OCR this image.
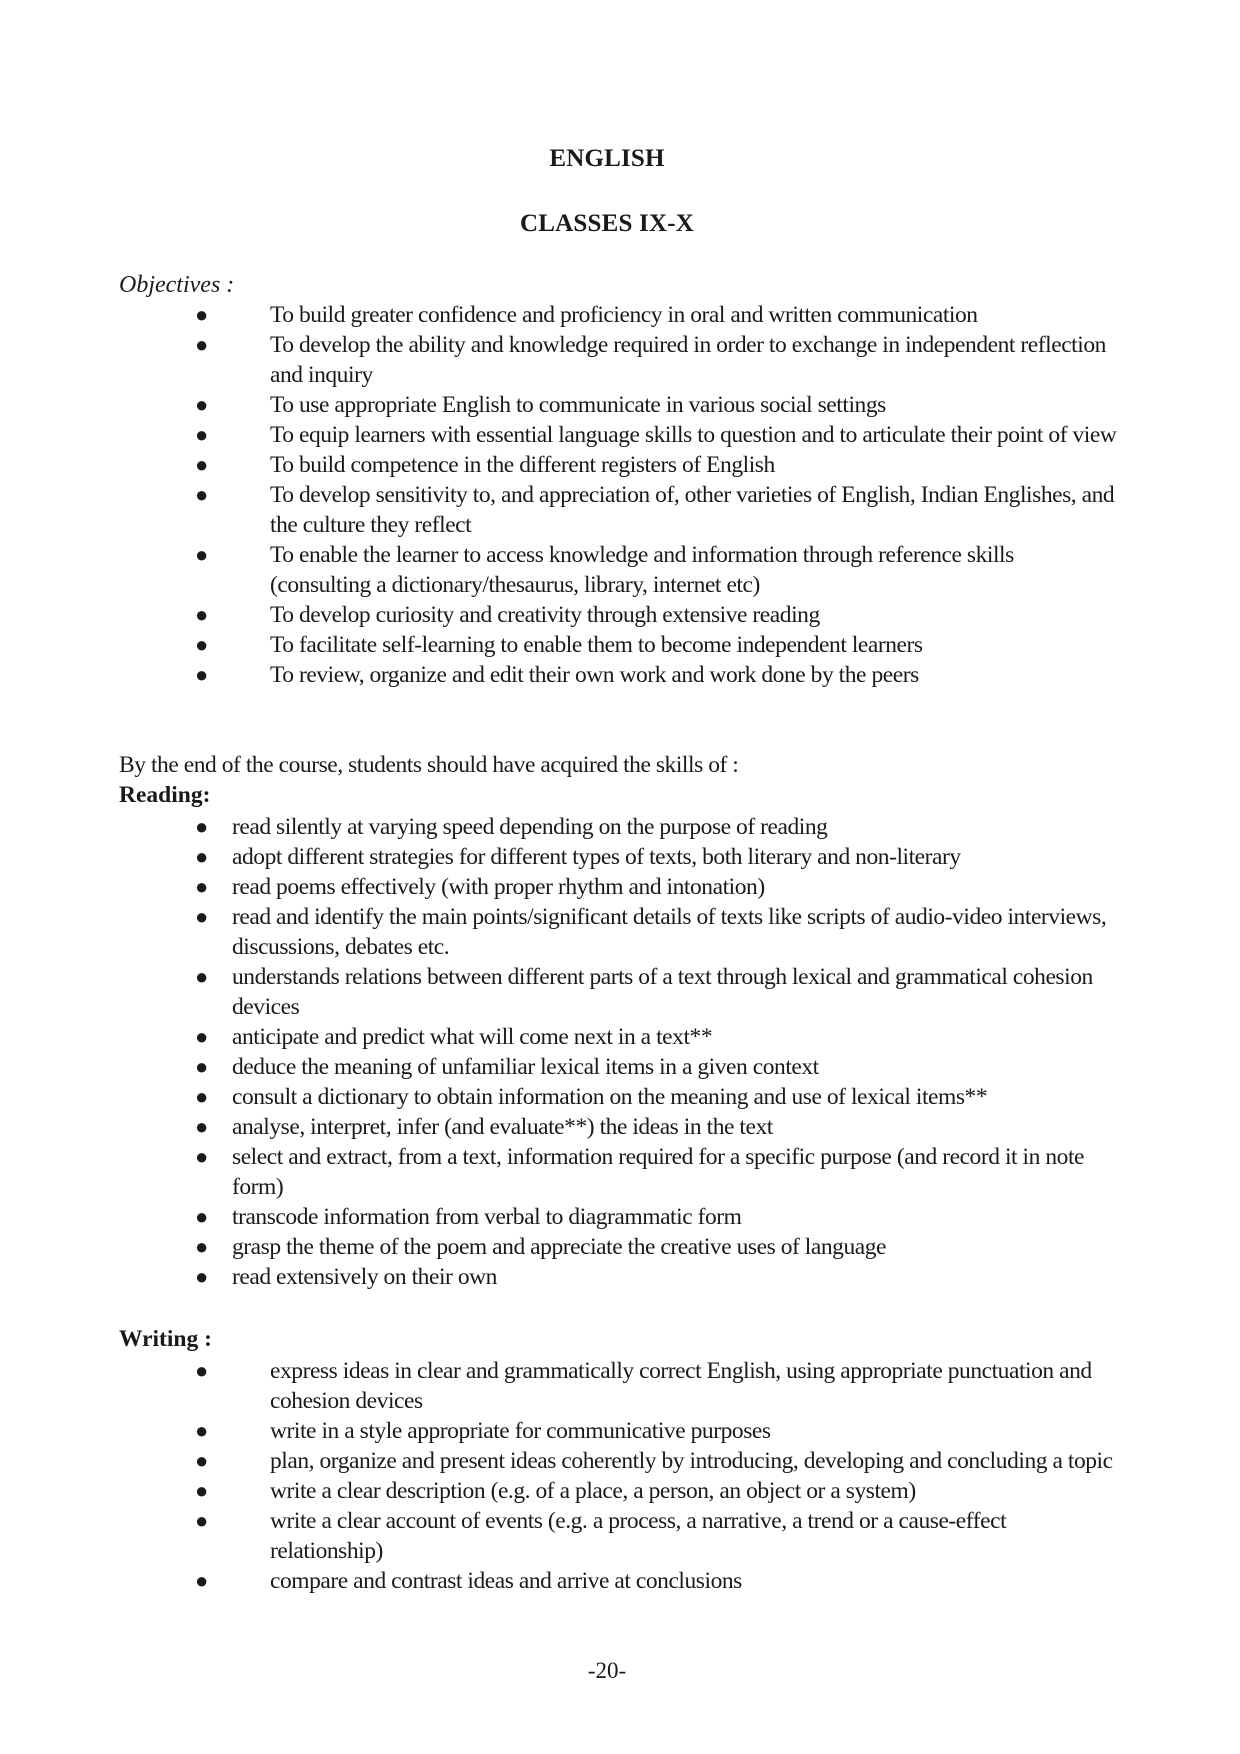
ENGLISH
CLASSES IX-X
Objectives :
●	To build greater confidence and proficiency in oral and written communication
●	To develop the ability and knowledge required in order to exchange in independent reflection and inquiry
●	To use appropriate English to communicate in various social settings
●	To equip learners with essential language skills to question and to articulate their point of view
●	To build competence in the different registers of English
●	To develop sensitivity to, and appreciation of, other varieties of English, Indian Englishes, and the culture they reflect
●	To enable the learner to access knowledge and information through reference skills (consulting a dictionary/thesaurus, library, internet etc)
●	To develop curiosity and creativity through extensive reading
●	To facilitate self-learning to enable them to become independent learners
●	To review, organize and edit their own work and work done by the peers
By the end of the course, students should have acquired the skills of :
Reading:
● read silently at varying speed depending on the purpose of reading
● adopt different strategies for different types of texts, both literary and non-literary
● read poems effectively (with proper rhythm and intonation)
● read and identify the main points/significant details of texts like scripts of audio-video interviews, discussions, debates etc.
● understands relations between different parts of a text through lexical and grammatical cohesion devices
● anticipate and predict what will come next in a text**
● deduce the meaning of unfamiliar lexical items in a given context
● consult a dictionary to obtain information on the meaning and use of lexical items**
● analyse, interpret, infer (and evaluate**) the ideas in the text
● select and extract, from a text, information required for a specific purpose (and record it in note form)
● transcode information from verbal to diagrammatic form
● grasp the theme of the poem and appreciate the creative uses of language
● read extensively on their own
Writing :
●	express ideas in clear and grammatically correct English, using appropriate punctuation and cohesion devices
●	write in a style appropriate for communicative purposes
●	plan, organize and present ideas coherently by introducing, developing and concluding a topic
●	write a clear description (e.g. of a place, a person, an object or a system)
●	write a clear account of events (e.g. a process, a narrative, a trend or a cause-effect relationship)
●	compare and contrast ideas and arrive at conclusions
-20-
